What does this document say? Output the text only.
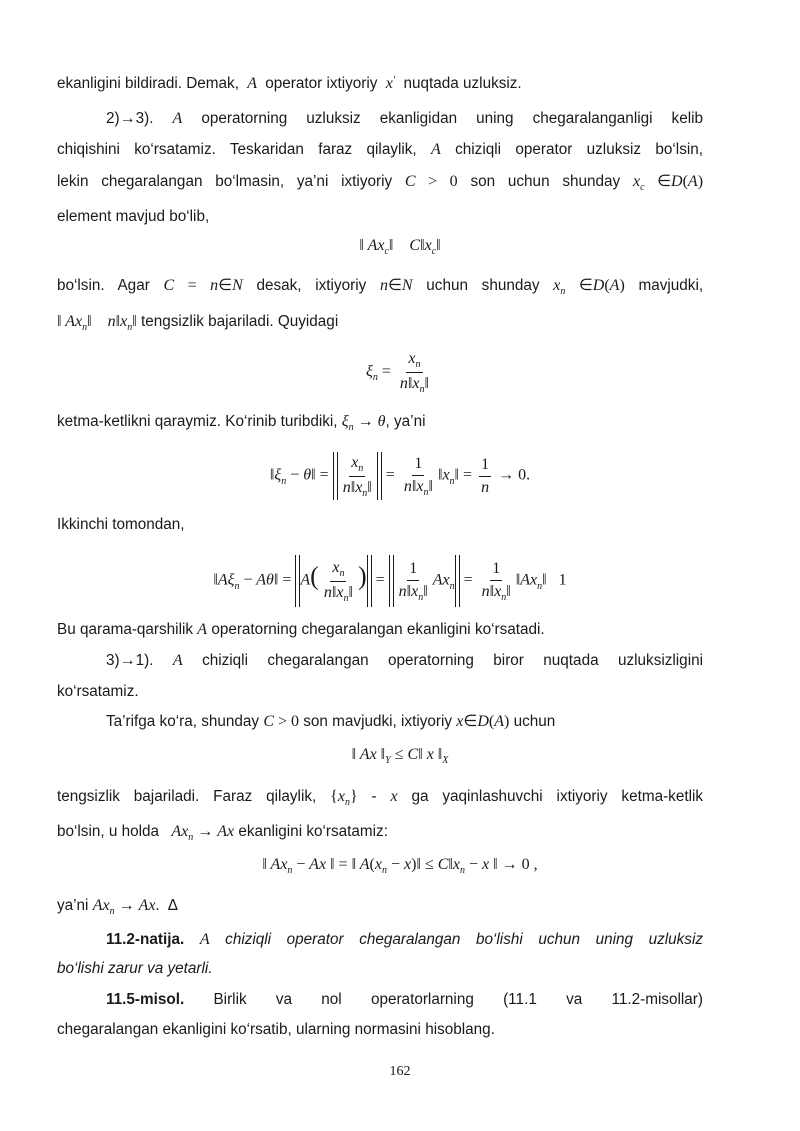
ekanligini bildiradi. Demak,  A  operator ixtiyoriy  x′ nuqtada uzluksiz.

2)→3). A operatorning uzluksiz ekanligidan uning chegaralanganligi kelib

chiqishini ko‘rsatamiz. Teskaridan faraz qilaylik, A chiziqli operator uzluksiz bo‘lsin,

lekin chegaralangan bo‘lmasin, ya’ni ixtiyoriy C > 0 son uchun shunday $x_c$ ∈D(A)

element mavjud bo‘lib,

‖ $Ax_c‖$    $C‖x_c‖$

bo‘lsin. Agar C = n∈N desak, ixtiyoriy n∈N uchun shunday $x_n$ ∈D(A) mavjudki,

‖ $Ax_n‖$    $n‖x_n‖$ tengsizlik bajariladi. Quyidagi

$\xi_n = \frac{x_n}{n‖x_n‖}$

ketma-ketlikni qaraymiz. Ko‘rinib turibdiki, $\xi_n \to \theta$, ya’ni

$‖\xi_n$ − θ‖ = $\frac{x_n}{n‖x_n‖} = \frac{1}{n‖x_n‖}$ $‖x_n‖ = \frac{1}{n} \to 0$.

Ikkinchi tomondan,

$‖A\xi_n$ − Aθ‖ = $A( \frac{x_n}{n‖x_n‖}$ ) = $\frac{1}{n‖x_n‖} Ax_n = \frac{1}{n‖x_n‖}$ $‖Ax_n‖$ 1

Bu qarama-qarshilik A operatorning chegaralangan ekanligini ko‘rsatadi.

3)→1). A chiziqli chegaralangan operatorning biror nuqtada uzluksizligini

ko‘rsatamiz.

Ta’rifga ko‘ra, shunday C > 0 son mavjudki, ixtiyoriy x∈D(A) uchun

‖ Ax $‖_Y$ ≤ C‖ x $‖_X$

tengsizlik bajariladi. Faraz qilaylik, $\{x_n\}$ - x ga yaqinlashuvchi ixtiyoriy ketma-ketlik

bo‘lsin, u holda   $Ax_n \to Ax$ ekanligini ko‘rsatamiz:

‖ $Ax_n - Ax$ ‖ = ‖ $A(x_n$ − x)‖ ≤ $C‖x_n - x$ ‖ → 0 ,

ya’ni $Ax_n \to Ax$.  Δ

11.2-natija. A chiziqli operator chegaralangan bo‘lishi uchun uning uzluksiz

bo‘lishi zarur va yetarli.

11.5-misol. Birlik va nol operatorlarning (11.1 va 11.2-misollar)

chegaralangan ekanligini ko‘rsatib, ularning normasini hisoblang.

162
